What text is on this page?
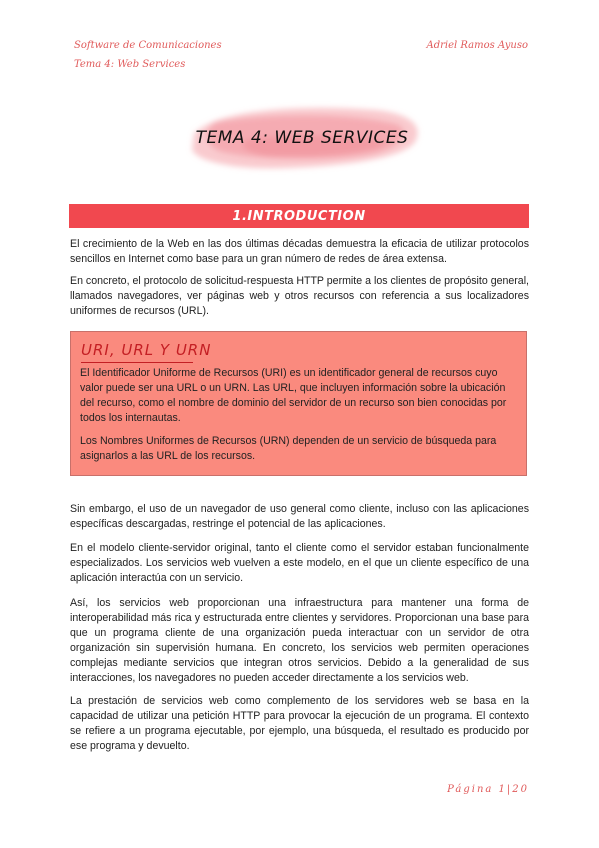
Software de Comunicaciones
Tema 4: Web Services
Adriel Ramos Ayuso
TEMA 4: WEB SERVICES
1.INTRODUCTION

El crecimiento de la Web en las dos últimas décadas demuestra la eficacia de utilizar protocolos sencillos en Internet como base para un gran número de redes de área extensa.

En concreto, el protocolo de solicitud-respuesta HTTP permite a los clientes de propósito general, llamados navegadores, ver páginas web y otros recursos con referencia a sus localizadores uniformes de recursos (URL).

URI, URL Y URN

El Identificador Uniforme de Recursos (URI) es un identificador general de recursos cuyo valor puede ser una URL o un URN. Las URL, que incluyen información sobre la ubicación del recurso, como el nombre de dominio del servidor de un recurso son bien conocidas por todos los internautas.

Los Nombres Uniformes de Recursos (URN) dependen de un servicio de búsqueda para asignarlos a las URL de los recursos.

Sin embargo, el uso de un navegador de uso general como cliente, incluso con las aplicaciones específicas descargadas, restringe el potencial de las aplicaciones.

En el modelo cliente-servidor original, tanto el cliente como el servidor estaban funcionalmente especializados. Los servicios web vuelven a este modelo, en el que un cliente específico de una aplicación interactúa con un servicio.

Así, los servicios web proporcionan una infraestructura para mantener una forma de interoperabilidad más rica y estructurada entre clientes y servidores. Proporcionan una base para que un programa cliente de una organización pueda interactuar con un servidor de otra organización sin supervisión humana. En concreto, los servicios web permiten operaciones complejas mediante servicios que integran otros servicios. Debido a la generalidad de sus interacciones, los navegadores no pueden acceder directamente a los servicios web.

La prestación de servicios web como complemento de los servidores web se basa en la capacidad de utilizar una petición HTTP para provocar la ejecución de un programa. El contexto se refiere a un programa ejecutable, por ejemplo, una búsqueda, el resultado es producido por ese programa y devuelto.

Página 1|20
